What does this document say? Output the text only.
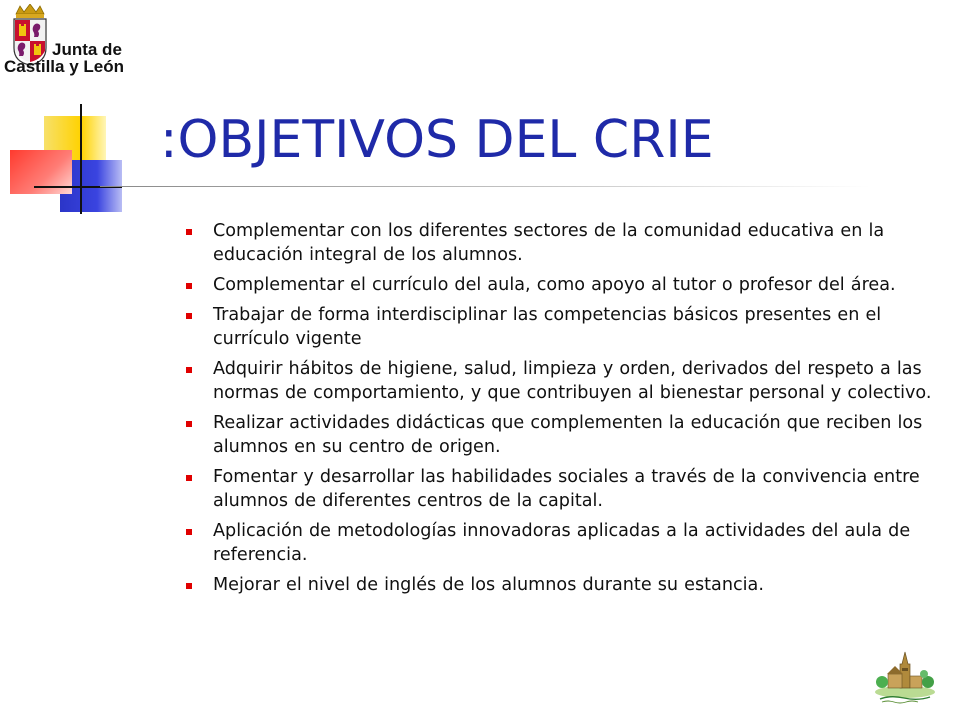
Junta de
Castilla y León
:OBJETIVOS DEL CRIE
Complementar con los diferentes sectores de la comunidad educativa en la educación integral de los alumnos.
Complementar el currículo del aula, como apoyo al tutor o profesor del área.
Trabajar de forma interdisciplinar las competencias básicos presentes en el currículo vigente
Adquirir hábitos de higiene, salud, limpieza y orden, derivados del respeto a las normas de comportamiento, y que contribuyen al bienestar personal y colectivo.
Realizar actividades didácticas que complementen la educación que reciben los alumnos en su centro de origen.
Fomentar y desarrollar las habilidades sociales a través de la convivencia entre alumnos de diferentes centros de la capital.
Aplicación de metodologías innovadoras aplicadas a la actividades del aula de referencia.
Mejorar el nivel de inglés de los alumnos durante su estancia.
